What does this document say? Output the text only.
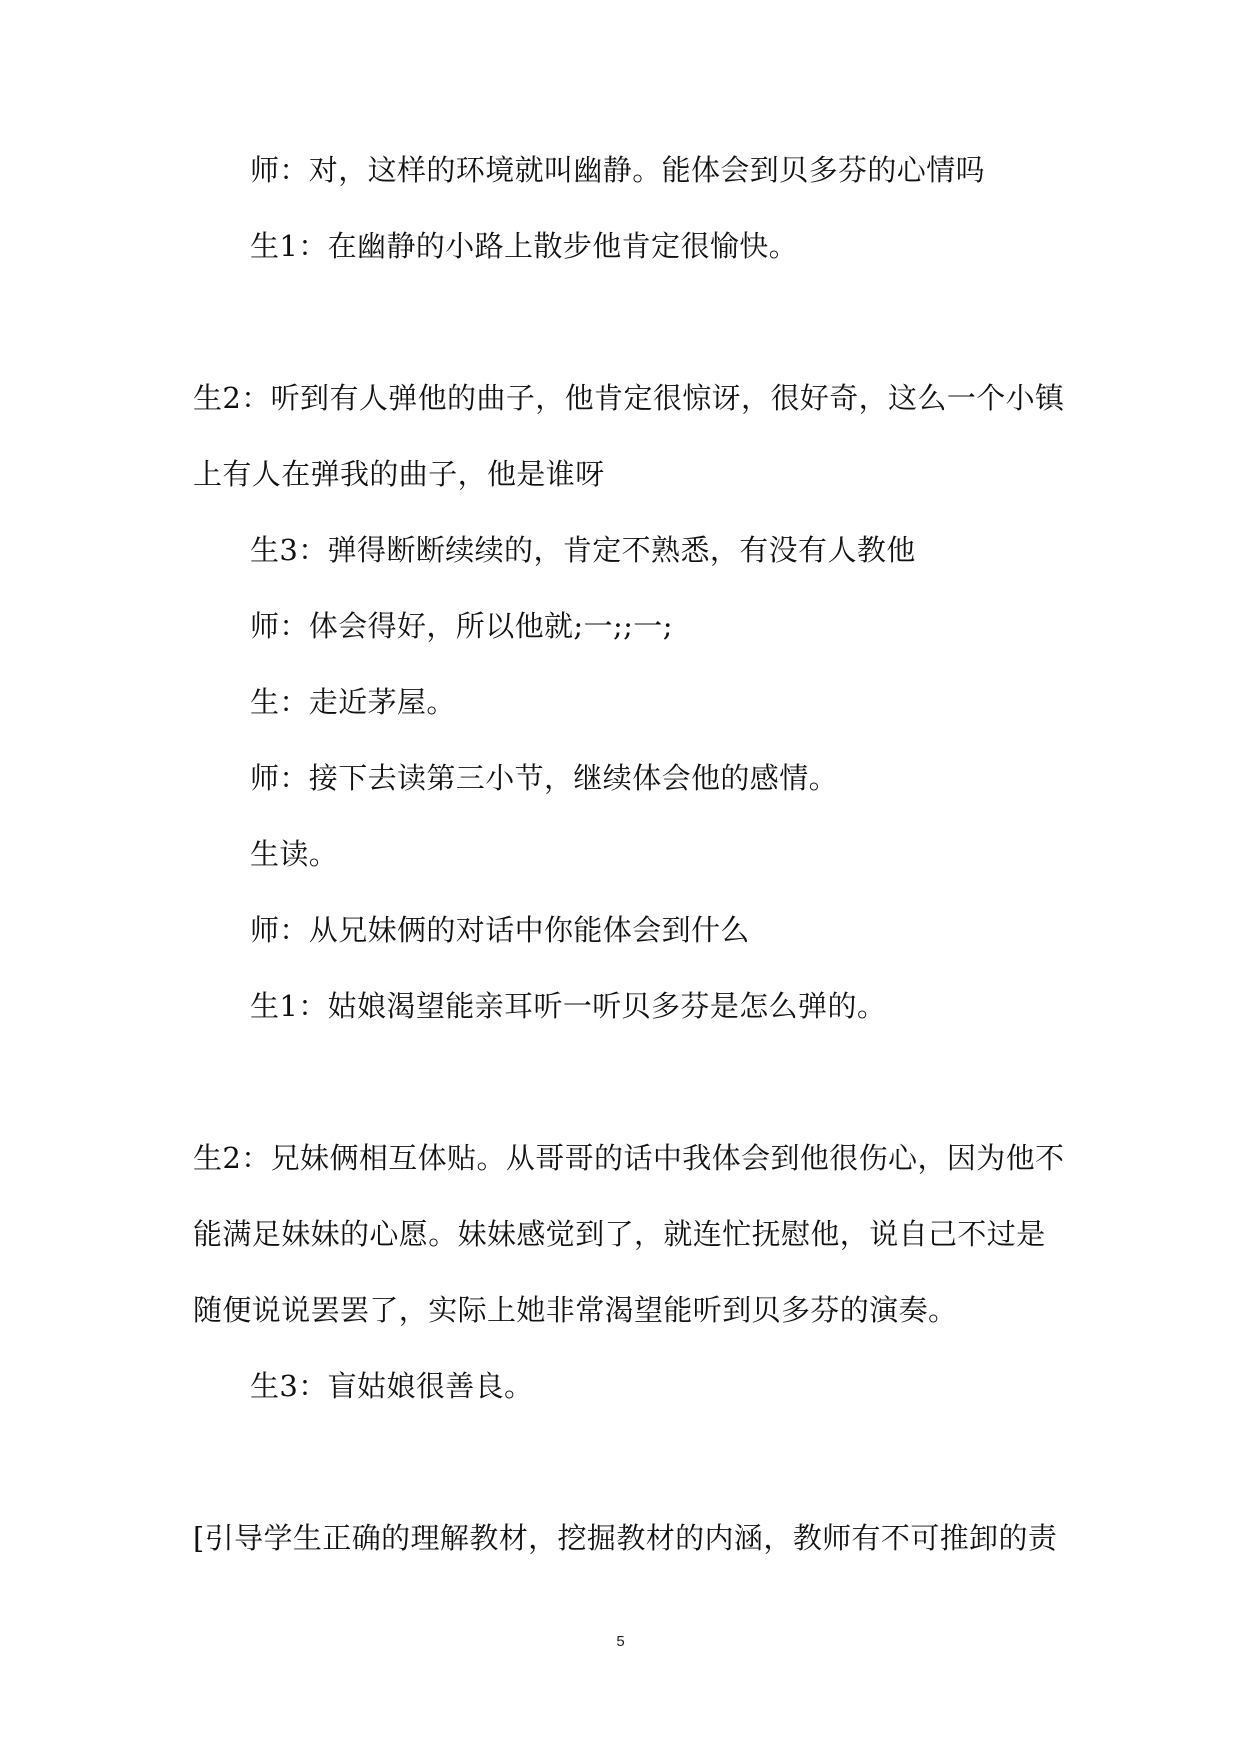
师：对，这样的环境就叫幽静。能体会到贝多芬的心情吗
生1：在幽静的小路上散步他肯定很愉快。
生2：听到有人弹他的曲子，他肯定很惊讶，很好奇，这么一个小镇
上有人在弹我的曲子，他是谁呀
生3：弹得断断续续的，肯定不熟悉，有没有人教他
师：体会得好，所以他就;一;;一;
生：走近茅屋。
师：接下去读第三小节，继续体会他的感情。
生读。
师：从兄妹俩的对话中你能体会到什么
生1：姑娘渴望能亲耳听一听贝多芬是怎么弹的。
生2：兄妹俩相互体贴。从哥哥的话中我体会到他很伤心，因为他不
能满足妹妹的心愿。妹妹感觉到了，就连忙抚慰他，说自己不过是
随便说说罢罢了，实际上她非常渴望能听到贝多芬的演奏。
生3：盲姑娘很善良。
[引导学生正确的理解教材，挖掘教材的内涵，教师有不可推卸的责
5
